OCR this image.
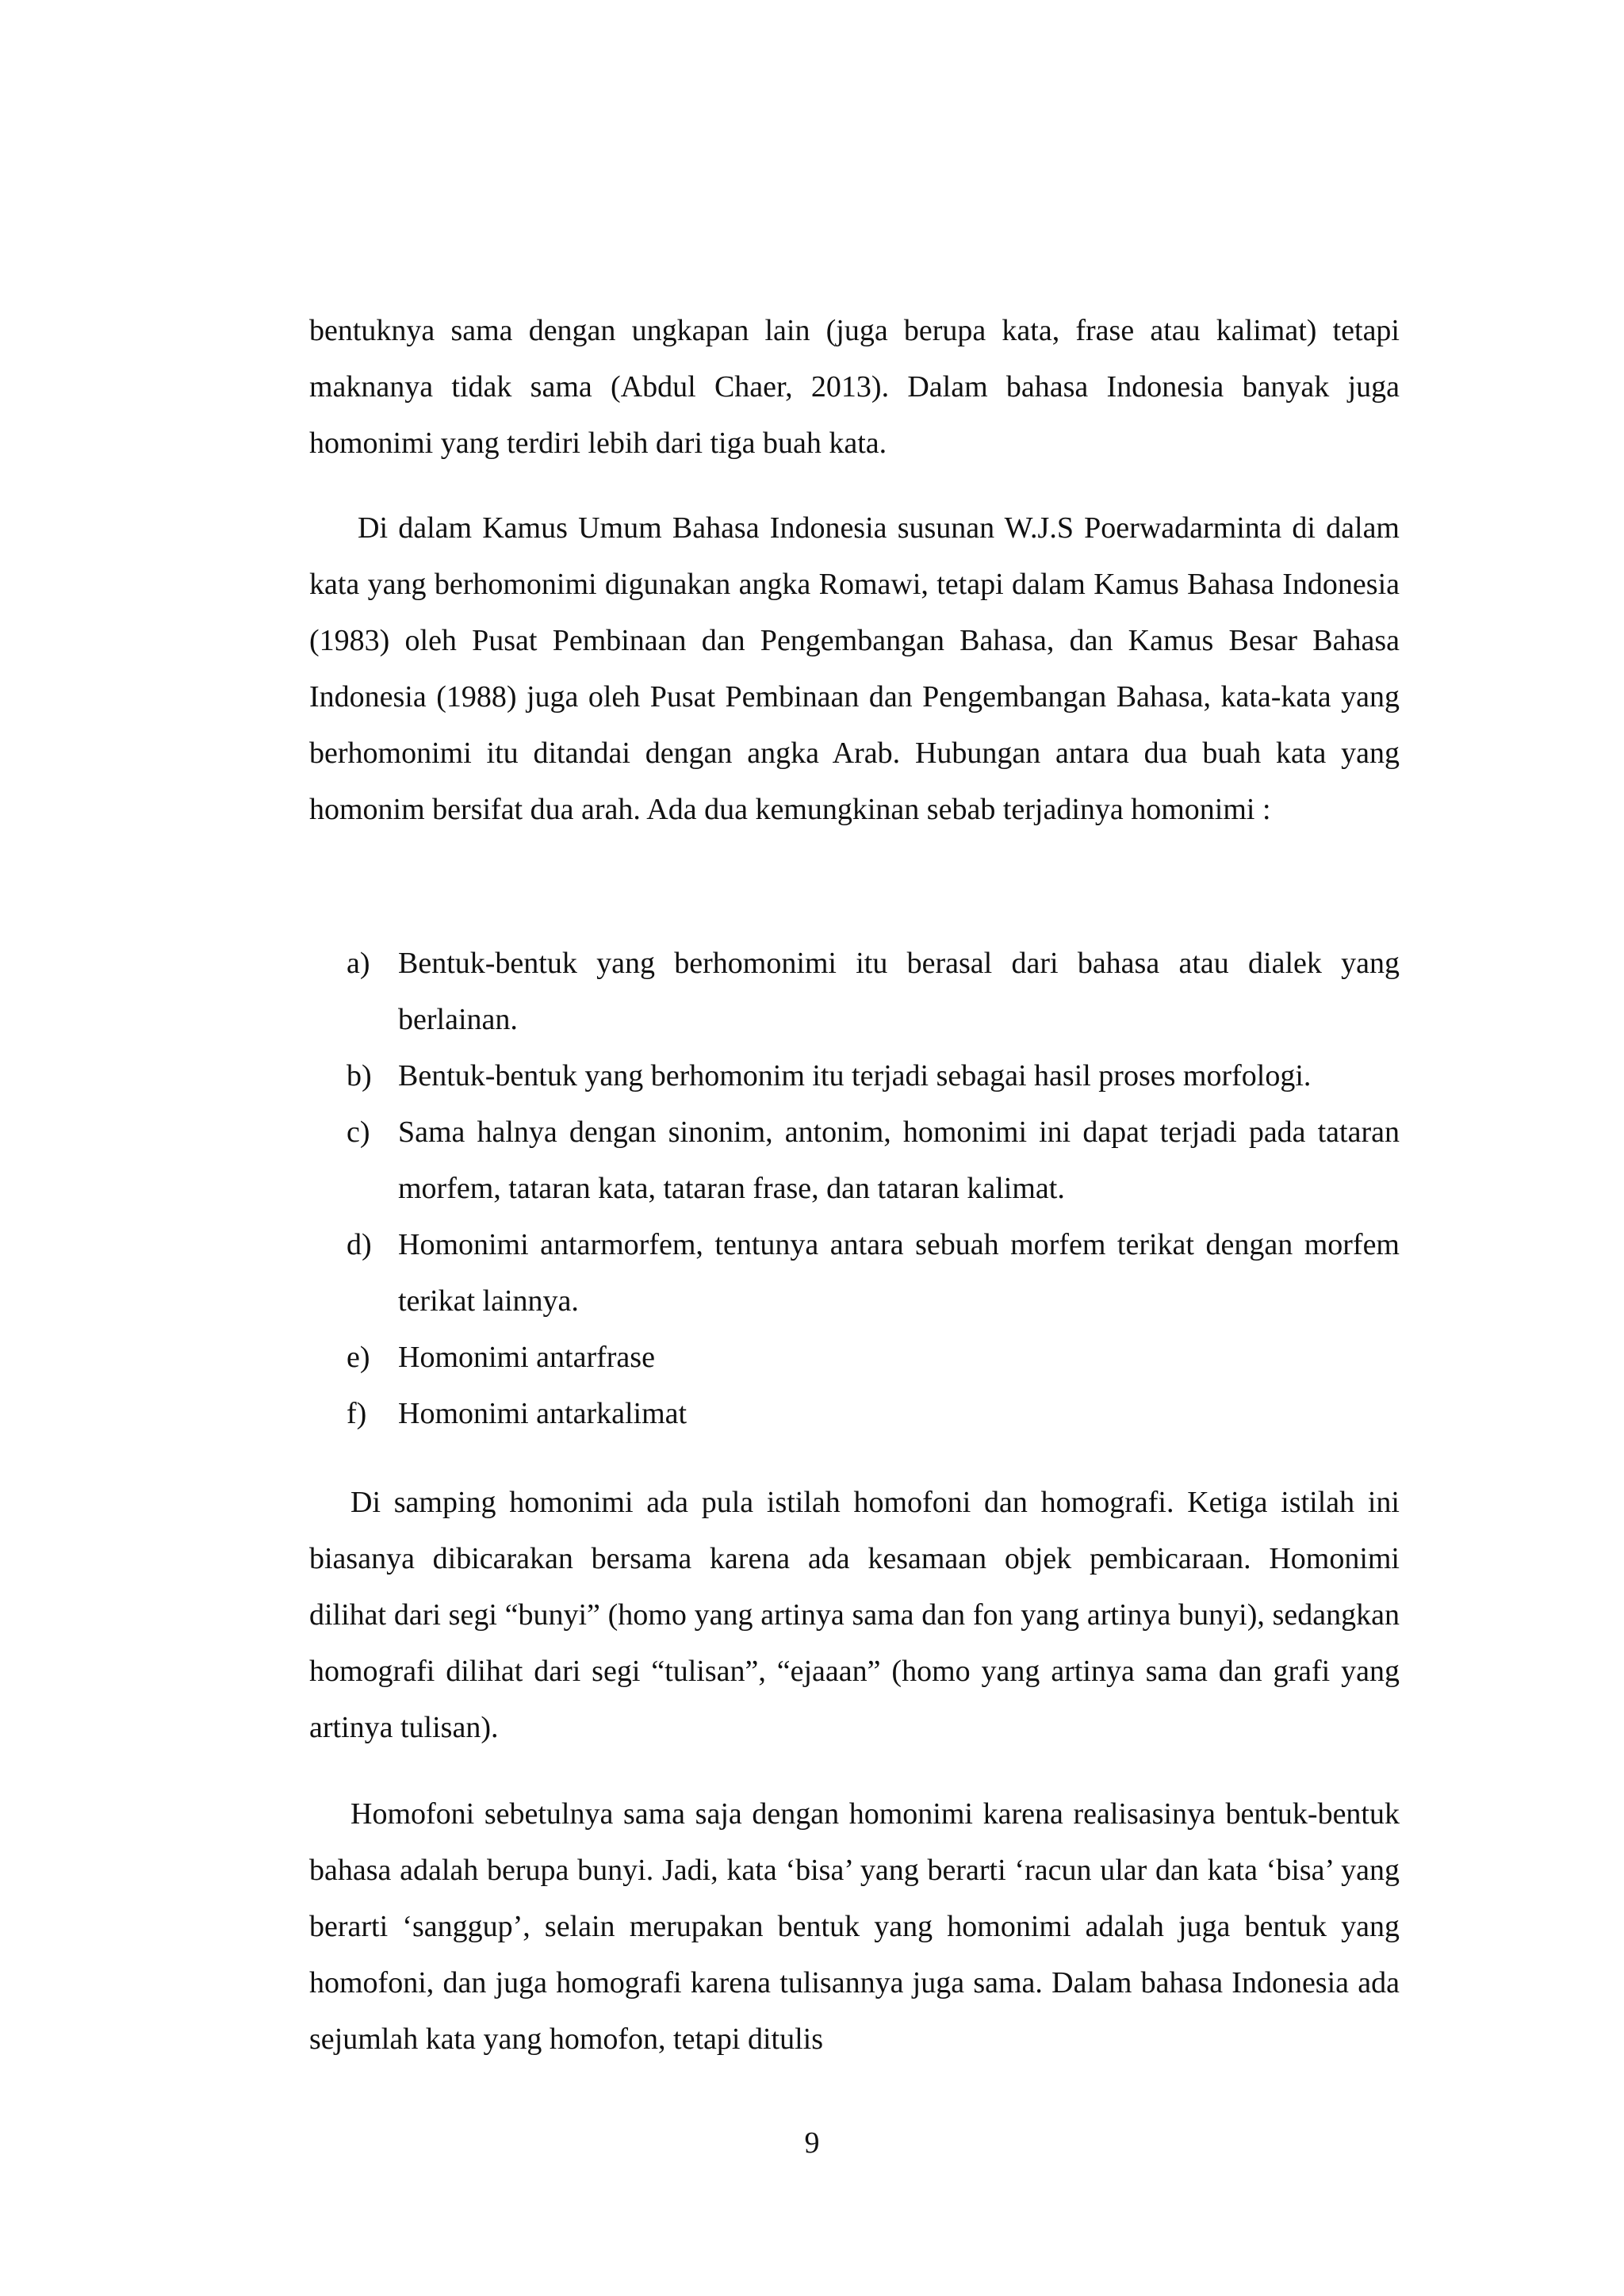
bentuknya sama dengan ungkapan lain (juga berupa kata, frase atau kalimat) tetapi maknanya tidak sama (Abdul Chaer, 2013). Dalam bahasa Indonesia banyak juga homonimi yang terdiri lebih dari tiga buah kata.

Di dalam Kamus Umum Bahasa Indonesia susunan W.J.S Poerwadarminta di dalam kata yang berhomonimi digunakan angka Romawi, tetapi dalam Kamus Bahasa Indonesia (1983) oleh Pusat Pembinaan dan Pengembangan Bahasa, dan Kamus Besar Bahasa Indonesia (1988) juga oleh Pusat Pembinaan dan Pengembangan Bahasa, kata-kata yang berhomonimi itu ditandai dengan angka Arab. Hubungan antara dua buah kata yang homonim bersifat dua arah. Ada dua kemungkinan sebab terjadinya homonimi :

a) Bentuk-bentuk yang berhomonimi itu berasal dari bahasa atau dialek yang berlainan.
b) Bentuk-bentuk yang berhomonim itu terjadi sebagai hasil proses morfologi.
c) Sama halnya dengan sinonim, antonim, homonimi ini dapat terjadi pada tataran morfem, tataran kata, tataran frase, dan tataran kalimat.
d) Homonimi antarmorfem, tentunya antara sebuah morfem terikat dengan morfem terikat lainnya.
e) Homonimi antarfrase
f) Homonimi antarkalimat

Di samping homonimi ada pula istilah homofoni dan homografi. Ketiga istilah ini biasanya dibicarakan bersama karena ada kesamaan objek pembicaraan. Homonimi dilihat dari segi “bunyi” (homo yang artinya sama dan fon yang artinya bunyi), sedangkan homografi dilihat dari segi “tulisan”, “ejaaan” (homo yang artinya sama dan grafi yang artinya tulisan).

Homofoni sebetulnya sama saja dengan homonimi karena realisasinya bentuk-bentuk bahasa adalah berupa bunyi. Jadi, kata ‘bisa’ yang berarti ‘racun ular dan kata ‘bisa’ yang berarti ‘sanggup’, selain merupakan bentuk yang homonimi adalah juga bentuk yang homofoni, dan juga homografi karena tulisannya juga sama. Dalam bahasa Indonesia ada sejumlah kata yang homofon, tetapi ditulis

9
